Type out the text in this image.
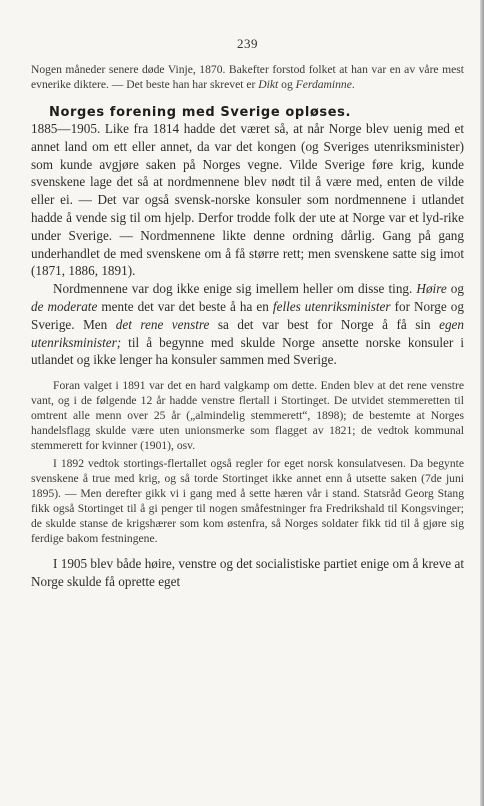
239

Nogen måneder senere døde Vinje, 1870. Bakefter forstod folket at han var en av våre mest evnerike diktere. — Det beste han har skrevet er Dikt og Ferdaminne.

Norges forening med Sverige opløses.

1885—1905. Like fra 1814 hadde det været så, at når Norge blev uenig med et annet land om ett eller annet, da var det kongen (og Sveriges utenriksminister) som kunde avgjøre saken på Norges vegne. Vilde Sverige føre krig, kunde svenskene lage det så at nordmennene blev nødt til å være med, enten de vilde eller ei. — Det var også svensk-norske konsuler som nordmennene i utlandet hadde å vende sig til om hjelp. Derfor trodde folk der ute at Norge var et lyd-rike under Sverige. — Nordmennene likte denne ordning dårlig. Gang på gang underhandlet de med svenskene om å få større rett; men svenskene satte sig imot (1871, 1886, 1891).

Nordmennene var dog ikke enige sig imellem heller om disse ting. Høire og de moderate mente det var det beste å ha en felles utenriksminister for Norge og Sverige. Men det rene venstre sa det var best for Norge å få sin egen utenriksminister; til å begynne med skulde Norge ansette norske konsuler i utlandet og ikke lenger ha konsuler sammen med Sverige.

Foran valget i 1891 var det en hard valgkamp om dette. Enden blev at det rene venstre vant, og i de følgende 12 år hadde venstre flertall i Stortinget. De utvidet stemmeretten til omtrent alle menn over 25 år („almindelig stemmerett“, 1898); de bestemte at Norges handelsflagg skulde være uten unionsmerke som flagget av 1821; de vedtok kommunal stemmerett for kvinner (1901), osv.

I 1892 vedtok stortings-flertallet også regler for eget norsk konsulatvesen. Da begynte svenskene å true med krig, og så torde Stortinget ikke annet enn å utsette saken (7de juni 1895). — Men derefter gikk vi i gang med å sette hæren vår i stand. Statsråd Georg Stang fikk også Stortinget til å gi penger til nogen småfestninger fra Fredrikshald til Kongsvinger; de skulde stanse de krigshærer som kom østenfra, så Norges soldater fikk tid til å gjøre sig ferdige bakom festningene.

I 1905 blev både høire, venstre og det socialistiske partiet enige om å kreve at Norge skulde få oprette eget
